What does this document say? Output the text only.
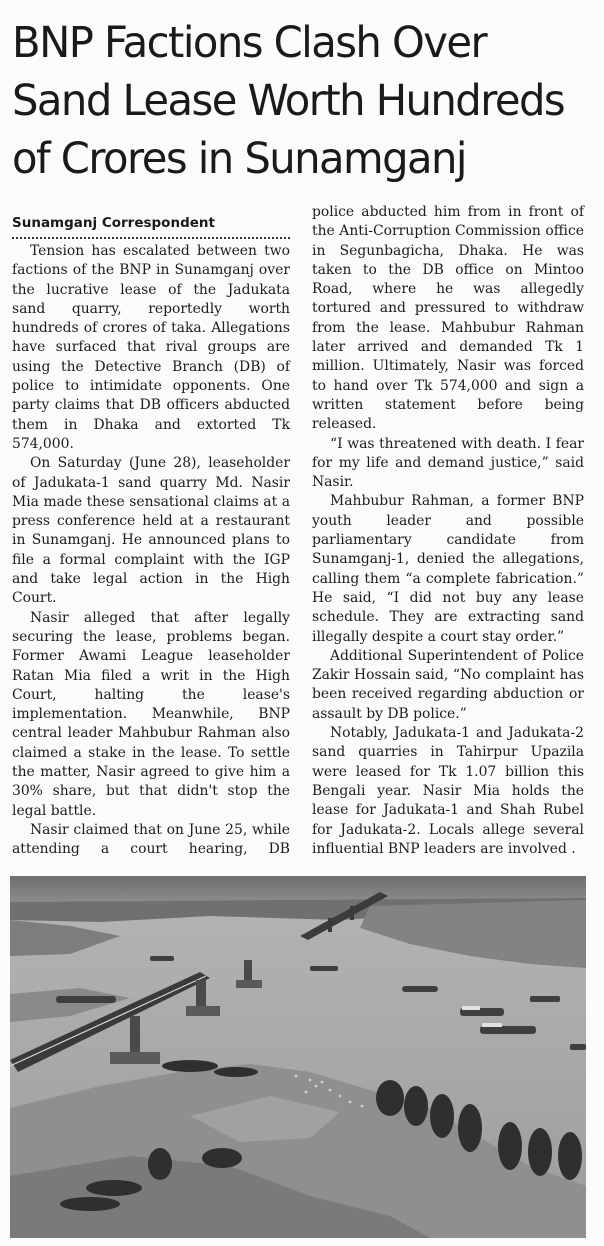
BNP Factions Clash Over Sand Lease Worth Hundreds of Crores in Sunamganj
Sunamganj Correspondent

Tension has escalated between two factions of the BNP in Sunamganj over the lucrative lease of the Jadukata sand quarry, reportedly worth hundreds of crores of taka. Allegations have surfaced that rival groups are using the Detective Branch (DB) of police to intimidate opponents. One party claims that DB officers abducted them in Dhaka and extorted Tk 574,000.

On Saturday (June 28), leaseholder of Jadukata-1 sand quarry Md. Nasir Mia made these sensational claims at a press conference held at a restaurant in Sunamganj. He announced plans to file a formal complaint with the IGP and take legal action in the High Court.

Nasir alleged that after legally securing the lease, problems began. Former Awami League leaseholder Ratan Mia filed a writ in the High Court, halting the lease's implementation. Meanwhile, BNP central leader Mahbubur Rahman also claimed a stake in the lease. To settle the matter, Nasir agreed to give him a 30% share, but that didn't stop the legal battle.

Nasir claimed that on June 25, while attending a court hearing, DB

police abducted him from in front of the Anti-Corruption Commission office in Segunbagicha, Dhaka. He was taken to the DB office on Mintoo Road, where he was allegedly tortured and pressured to withdraw from the lease. Mahbubur Rahman later arrived and demanded Tk 1 million. Ultimately, Nasir was forced to hand over Tk 574,000 and sign a written statement before being released.

“I was threatened with death. I fear for my life and demand justice,” said Nasir.

Mahbubur Rahman, a former BNP youth leader and possible parliamentary candidate from Sunamganj-1, denied the allegations, calling them “a complete fabrication.” He said, “I did not buy any lease schedule. They are extracting sand illegally despite a court stay order.”

Additional Superintendent of Police Zakir Hossain said, “No complaint has been received regarding abduction or assault by DB police.”

Notably, Jadukata-1 and Jadukata-2 sand quarries in Tahirpur Upazila were leased for Tk 1.07 billion this Bengali year. Nasir Mia holds the lease for Jadukata-1 and Shah Rubel for Jadukata-2. Locals allege several influential BNP leaders are involved .
